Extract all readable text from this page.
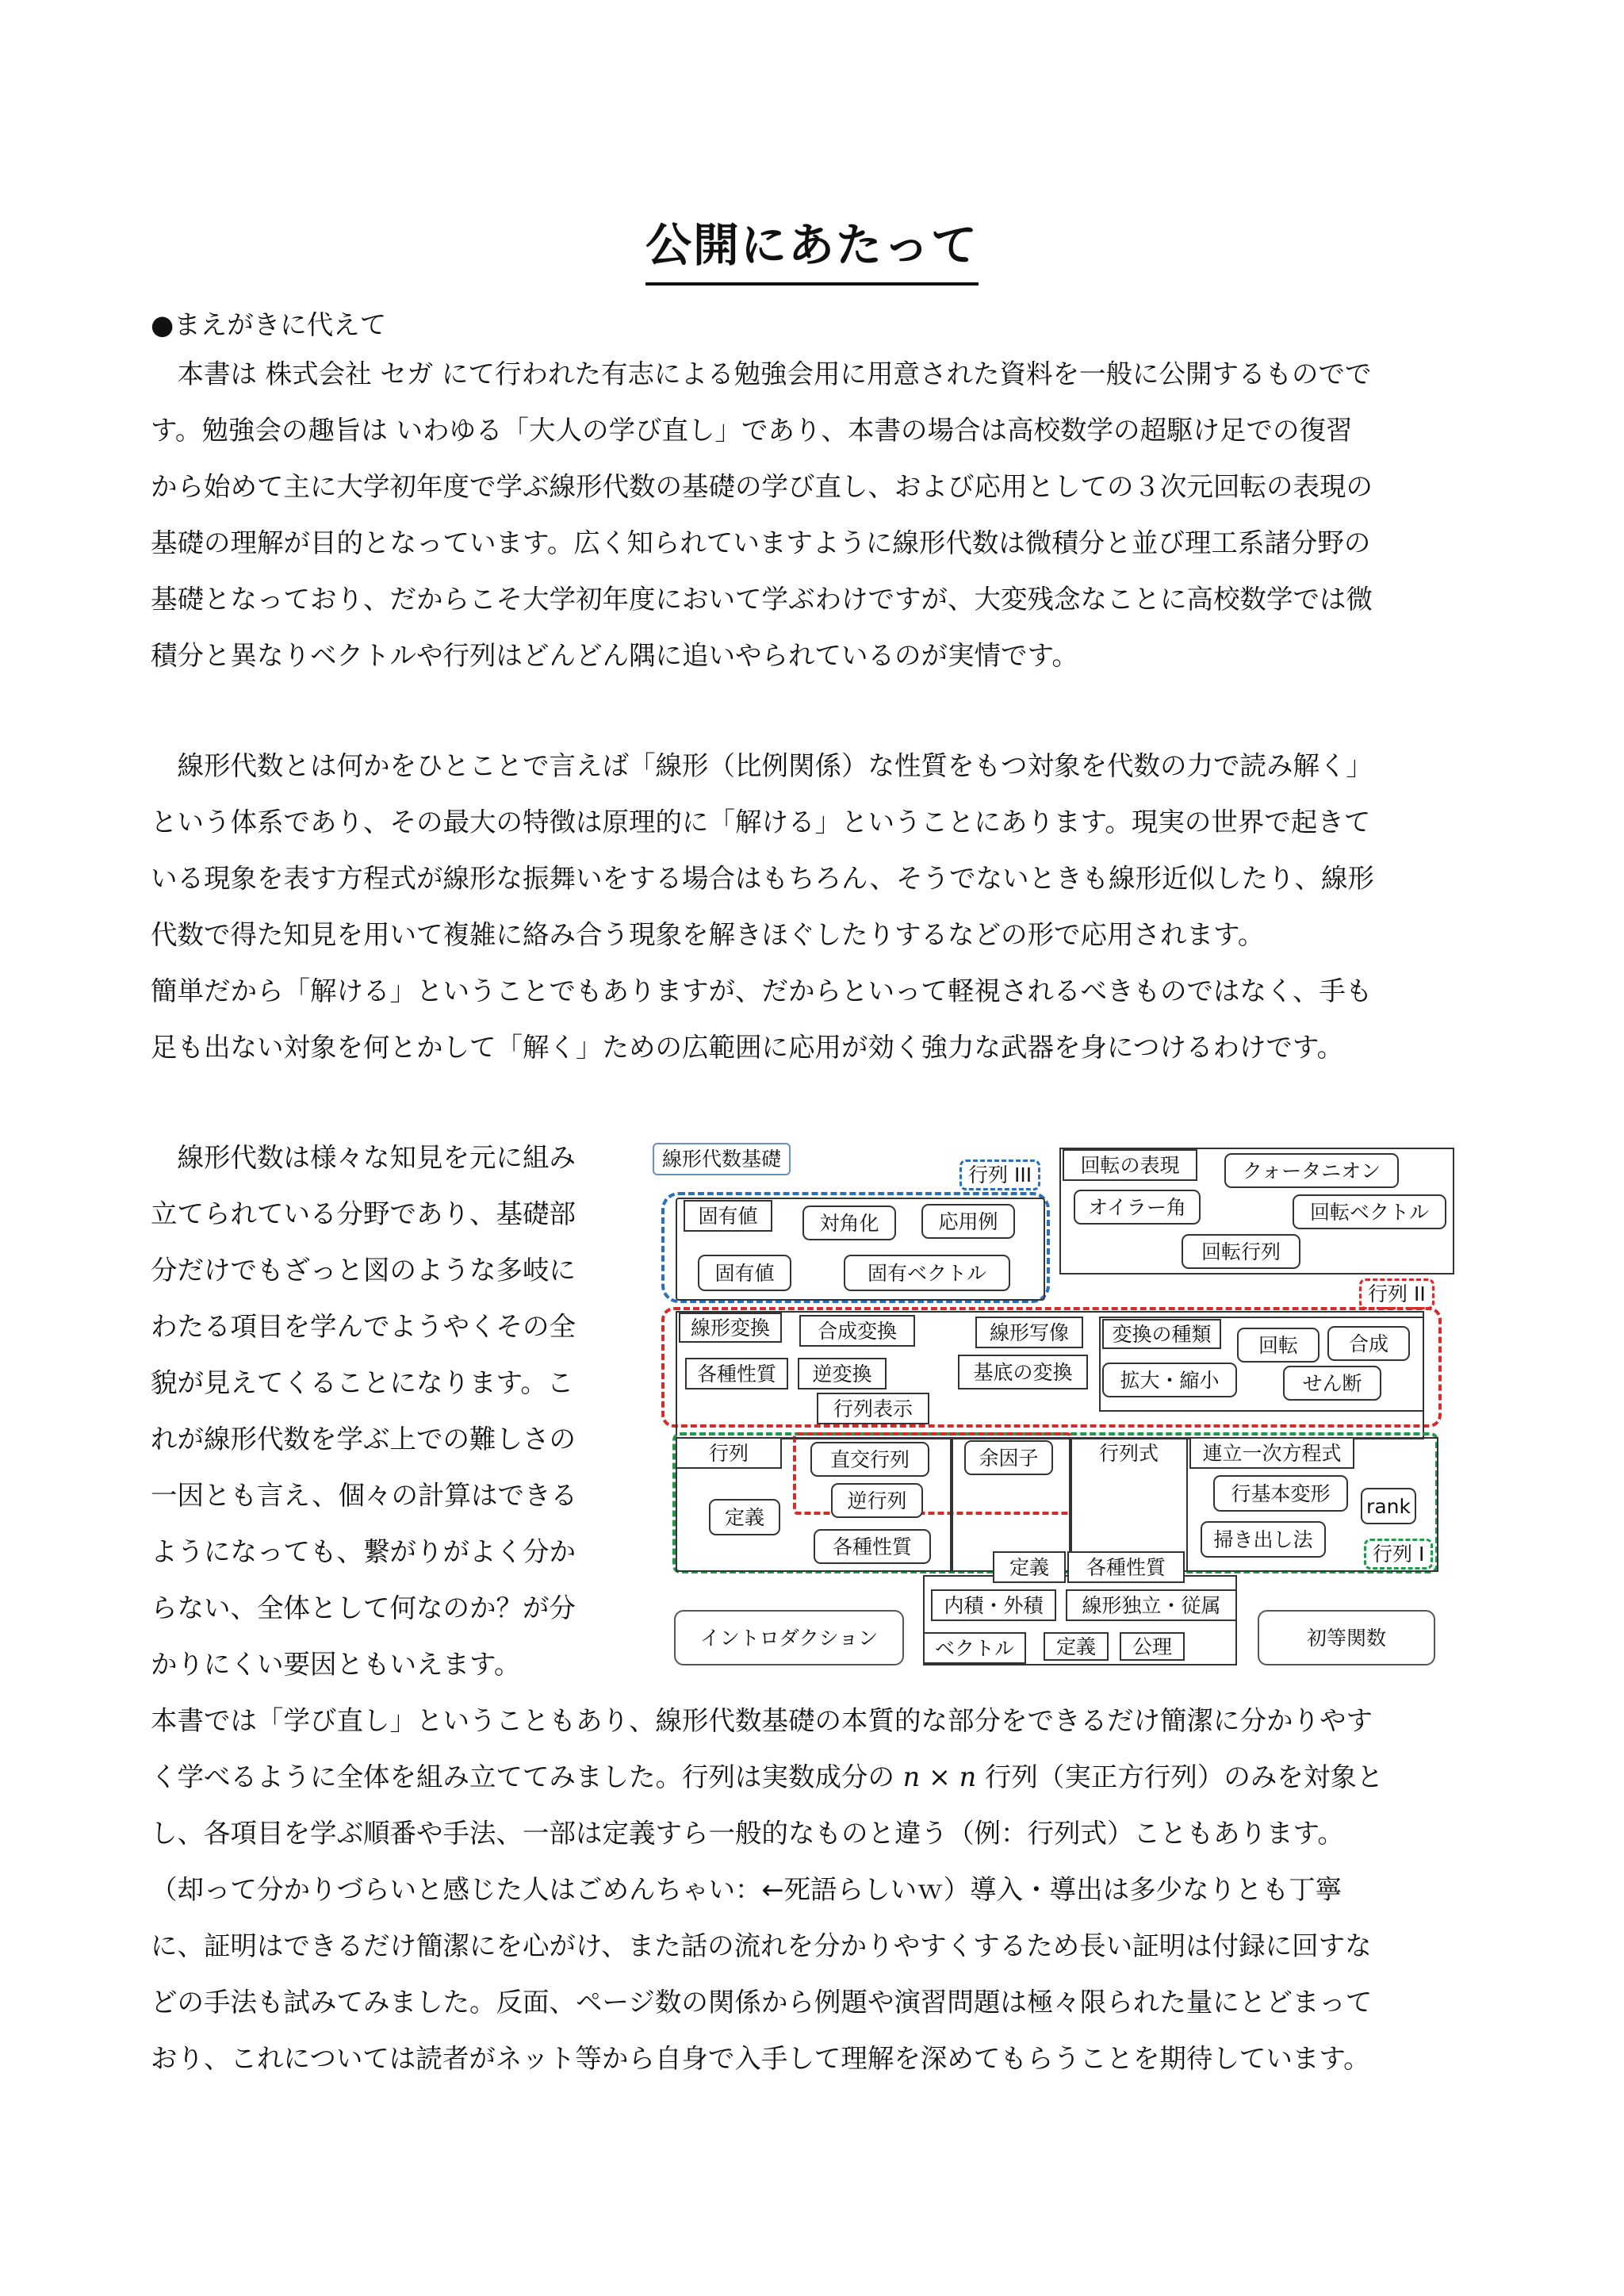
公開にあたって
●まえがきに代えて
　本書は 株式会社 セガ にて行われた有志による勉強会用に用意された資料を一般に公開するものでで
す。勉強会の趣旨は いわゆる「大人の学び直し」であり、本書の場合は高校数学の超駆け足での復習
から始めて主に大学初年度で学ぶ線形代数の基礎の学び直し、および応用としての３次元回転の表現の
基礎の理解が目的となっています。広く知られていますように線形代数は微積分と並び理工系諸分野の
基礎となっており、だからこそ大学初年度において学ぶわけですが、大変残念なことに高校数学では微
積分と異なりベクトルや行列はどんどん隅に追いやられているのが実情です。
　線形代数とは何かをひとことで言えば「線形（比例関係）な性質をもつ対象を代数の力で読み解く」
という体系であり、その最大の特徴は原理的に「解ける」ということにあります。現実の世界で起きて
いる現象を表す方程式が線形な振舞いをする場合はもちろん、そうでないときも線形近似したり、線形
代数で得た知見を用いて複雑に絡み合う現象を解きほぐしたりするなどの形で応用されます。
簡単だから「解ける」ということでもありますが、だからといって軽視されるべきものではなく、手も
足も出ない対象を何とかして「解く」ための広範囲に応用が効く強力な武器を身につけるわけです。
　線形代数は様々な知見を元に組み
立てられている分野であり、基礎部
分だけでもざっと図のような多岐に
わたる項目を学んでようやくその全
貌が見えてくることになります。こ
れが線形代数を学ぶ上での難しさの
一因とも言え、個々の計算はできる
ようになっても、繋がりがよく分か
らない、全体として何なのか？が分
かりにくい要因ともいえます。
本書では「学び直し」ということもあり、線形代数基礎の本質的な部分をできるだけ簡潔に分かりやす
く学べるように全体を組み立ててみました。行列は実数成分の n × n 行列（実正方行列）のみを対象と
し、各項目を学ぶ順番や手法、一部は定義すら一般的なものと違う（例：行列式）こともあります。
（却って分かりづらいと感じた人はごめんちゃい：←死語らしいｗ）導入・導出は多少なりとも丁寧
に、証明はできるだけ簡潔にを心がけ、また話の流れを分かりやすくするため長い証明は付録に回すな
どの手法も試みてみました。反面、ページ数の関係から例題や演習問題は極々限られた量にとどまって
おり、これについては読者がネット等から自身で入手して理解を深めてもらうことを期待しています。
線形代数基礎
行列 III
固有値	対角化	応用例
固有値	固有ベクトル
回転の表現	クォータニオン
オイラー角	回転ベクトル
回転行列
行列 II
線形変換	合成変換	線形写像
各種性質	逆変換	基底の変換
行列表示
変換の種類	回転	合成
拡大・縮小	せん断
行列
定義
直交行列
逆行列
各種性質
余因子	行列式	連立一次方程式
行基本変形
rank
掃き出し法
行列 I
定義	各種性質
内積・外積	線形独立・従属
ベクトル	定義	公理
イントロダクション	初等関数
